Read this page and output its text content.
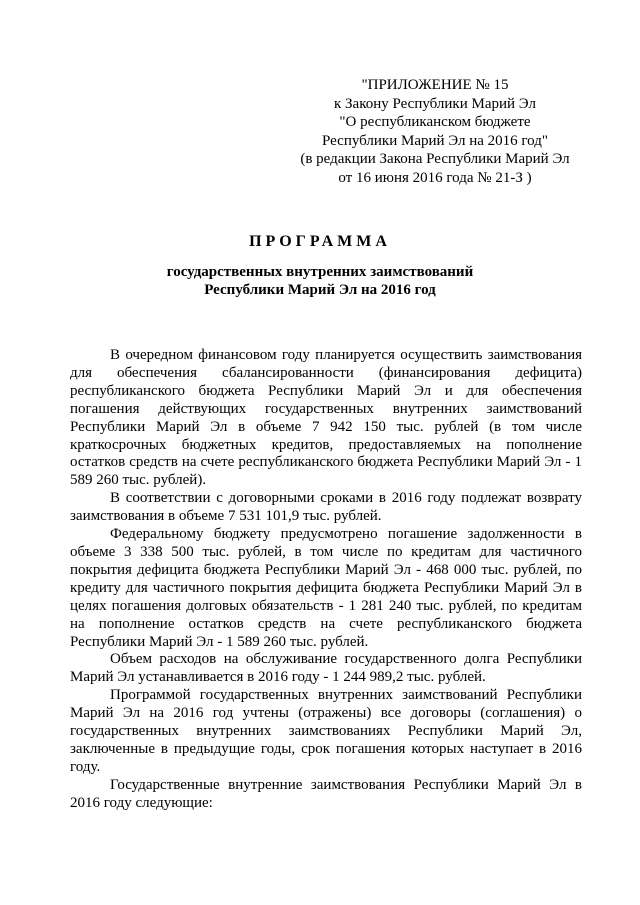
"ПРИЛОЖЕНИЕ № 15
к Закону Республики Марий Эл
"О республиканском бюджете
Республики Марий Эл на 2016 год"
(в редакции Закона Республики Марий Эл
от 16 июня 2016 года № 21-З )
ПРОГРАММА
государственных внутренних заимствований
Республики Марий Эл на 2016 год

В очередном финансовом году планируется осуществить заимствования для обеспечения сбалансированности (финансирования дефицита) республиканского бюджета Республики Марий Эл и для обеспечения погашения действующих государственных внутренних заимствований Республики Марий Эл в объеме 7 942 150 тыс. рублей (в том числе краткосрочных бюджетных кредитов, предоставляемых на пополнение остатков средств на счете республиканского бюджета Республики Марий Эл - 1 589 260 тыс. рублей).

В соответствии с договорными сроками в 2016 году подлежат возврату заимствования в объеме 7 531 101,9 тыс. рублей.

Федеральному бюджету предусмотрено погашение задолженности в объеме 3 338 500 тыс. рублей, в том числе по кредитам для частичного покрытия дефицита бюджета Республики Марий Эл - 468 000 тыс. рублей, по кредиту для частичного покрытия дефицита бюджета Республики Марий Эл в целях погашения долговых обязательств - 1 281 240 тыс. рублей, по кредитам на пополнение остатков средств на счете республиканского бюджета Республики Марий Эл - 1 589 260 тыс. рублей.

Объем расходов на обслуживание государственного долга Республики Марий Эл устанавливается в 2016 году - 1 244 989,2 тыс. рублей.

Программой государственных внутренних заимствований Республики Марий Эл на 2016 год учтены (отражены) все договоры (соглашения) о государственных внутренних заимствованиях Республики Марий Эл, заключенные в предыдущие годы, срок погашения которых наступает в 2016 году.

Государственные внутренние заимствования Республики Марий Эл в 2016 году следующие:
